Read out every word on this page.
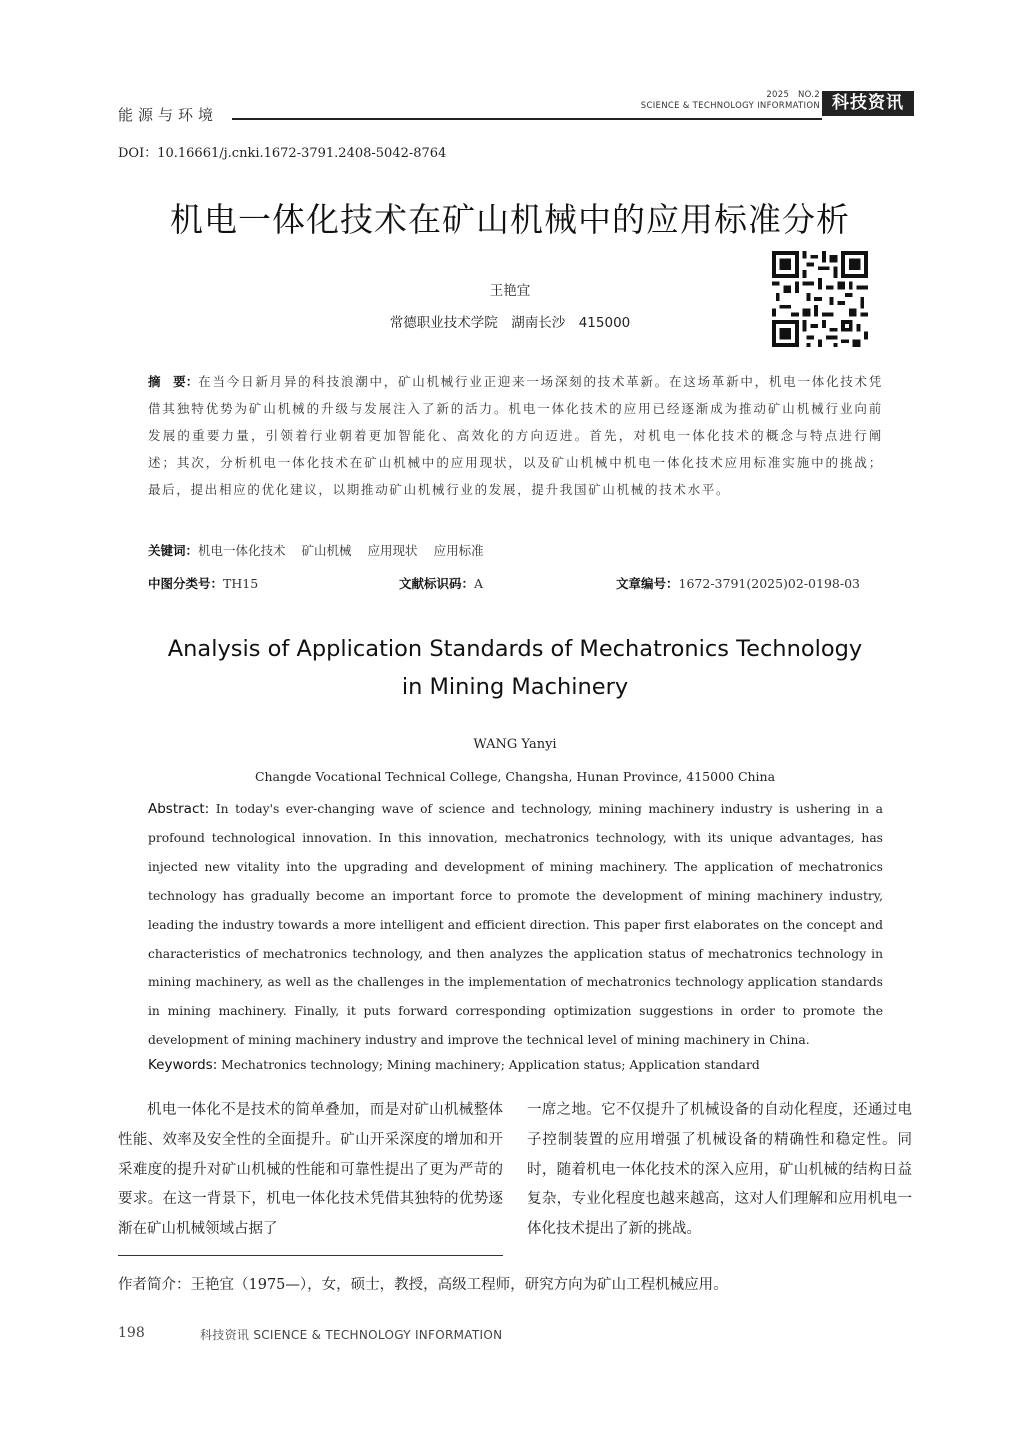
能源与环境
2025　NO.2
SCIENCE & TECHNOLOGY INFORMATION 科技资讯
DOI：10.16661/j.cnki.1672-3791.2408-5042-8764
机电一体化技术在矿山机械中的应用标准分析
王艳宜
常德职业技术学院　湖南长沙　415000
摘　要：在当今日新月异的科技浪潮中，矿山机械行业正迎来一场深刻的技术革新。在这场革新中，机电一体化技术凭借其独特优势为矿山机械的升级与发展注入了新的活力。机电一体化技术的应用已经逐渐成为推动矿山机械行业向前发展的重要力量，引领着行业朝着更加智能化、高效化的方向迈进。首先，对机电一体化技术的概念与特点进行阐述；其次，分析机电一体化技术在矿山机械中的应用现状，以及矿山机械中机电一体化技术应用标准实施中的挑战；最后，提出相应的优化建议，以期推动矿山机械行业的发展，提升我国矿山机械的技术水平。
关键词：机电一体化技术 矿山机械 应用现状 应用标准
中图分类号：TH15	文献标识码：A	文章编号：1672-3791(2025)02-0198-03
Analysis of Application Standards of Mechatronics Technology
in Mining Machinery
WANG Yanyi
Changde Vocational Technical College, Changsha, Hunan Province, 415000 China
Abstract: In today's ever-changing wave of science and technology, mining machinery industry is ushering in a profound technological innovation. In this innovation, mechatronics technology, with its unique advantages, has injected new vitality into the upgrading and development of mining machinery. The application of mechatronics technology has gradually become an important force to promote the development of mining machinery industry, leading the industry towards a more intelligent and efficient direction. This paper first elaborates on the concept and characteristics of mechatronics technology, and then analyzes the application status of mechatronics technology in mining machinery, as well as the challenges in the implementation of mechatronics technology application standards in mining machinery. Finally, it puts forward corresponding optimization suggestions in order to promote the development of mining machinery industry and improve the technical level of mining machinery in China.
Keywords: Mechatronics technology; Mining machinery; Application status; Application standard

机电一体化不是技术的简单叠加，而是对矿山机械整体性能、效率及安全性的全面提升。矿山开采深度的增加和开采难度的提升对矿山机械的性能和可靠性提出了更为严苛的要求。在这一背景下，机电一体化技术凭借其独特的优势逐渐在矿山机械领域占据了

一席之地。它不仅提升了机械设备的自动化程度，还通过电子控制装置的应用增强了机械设备的精确性和稳定性。同时，随着机电一体化技术的深入应用，矿山机械的结构日益复杂，专业化程度也越来越高，这对人们理解和应用机电一体化技术提出了新的挑战。

作者简介：王艳宜（1975—），女，硕士，教授，高级工程师，研究方向为矿山工程机械应用。
198	科技资讯 SCIENCE & TECHNOLOGY INFORMATION
